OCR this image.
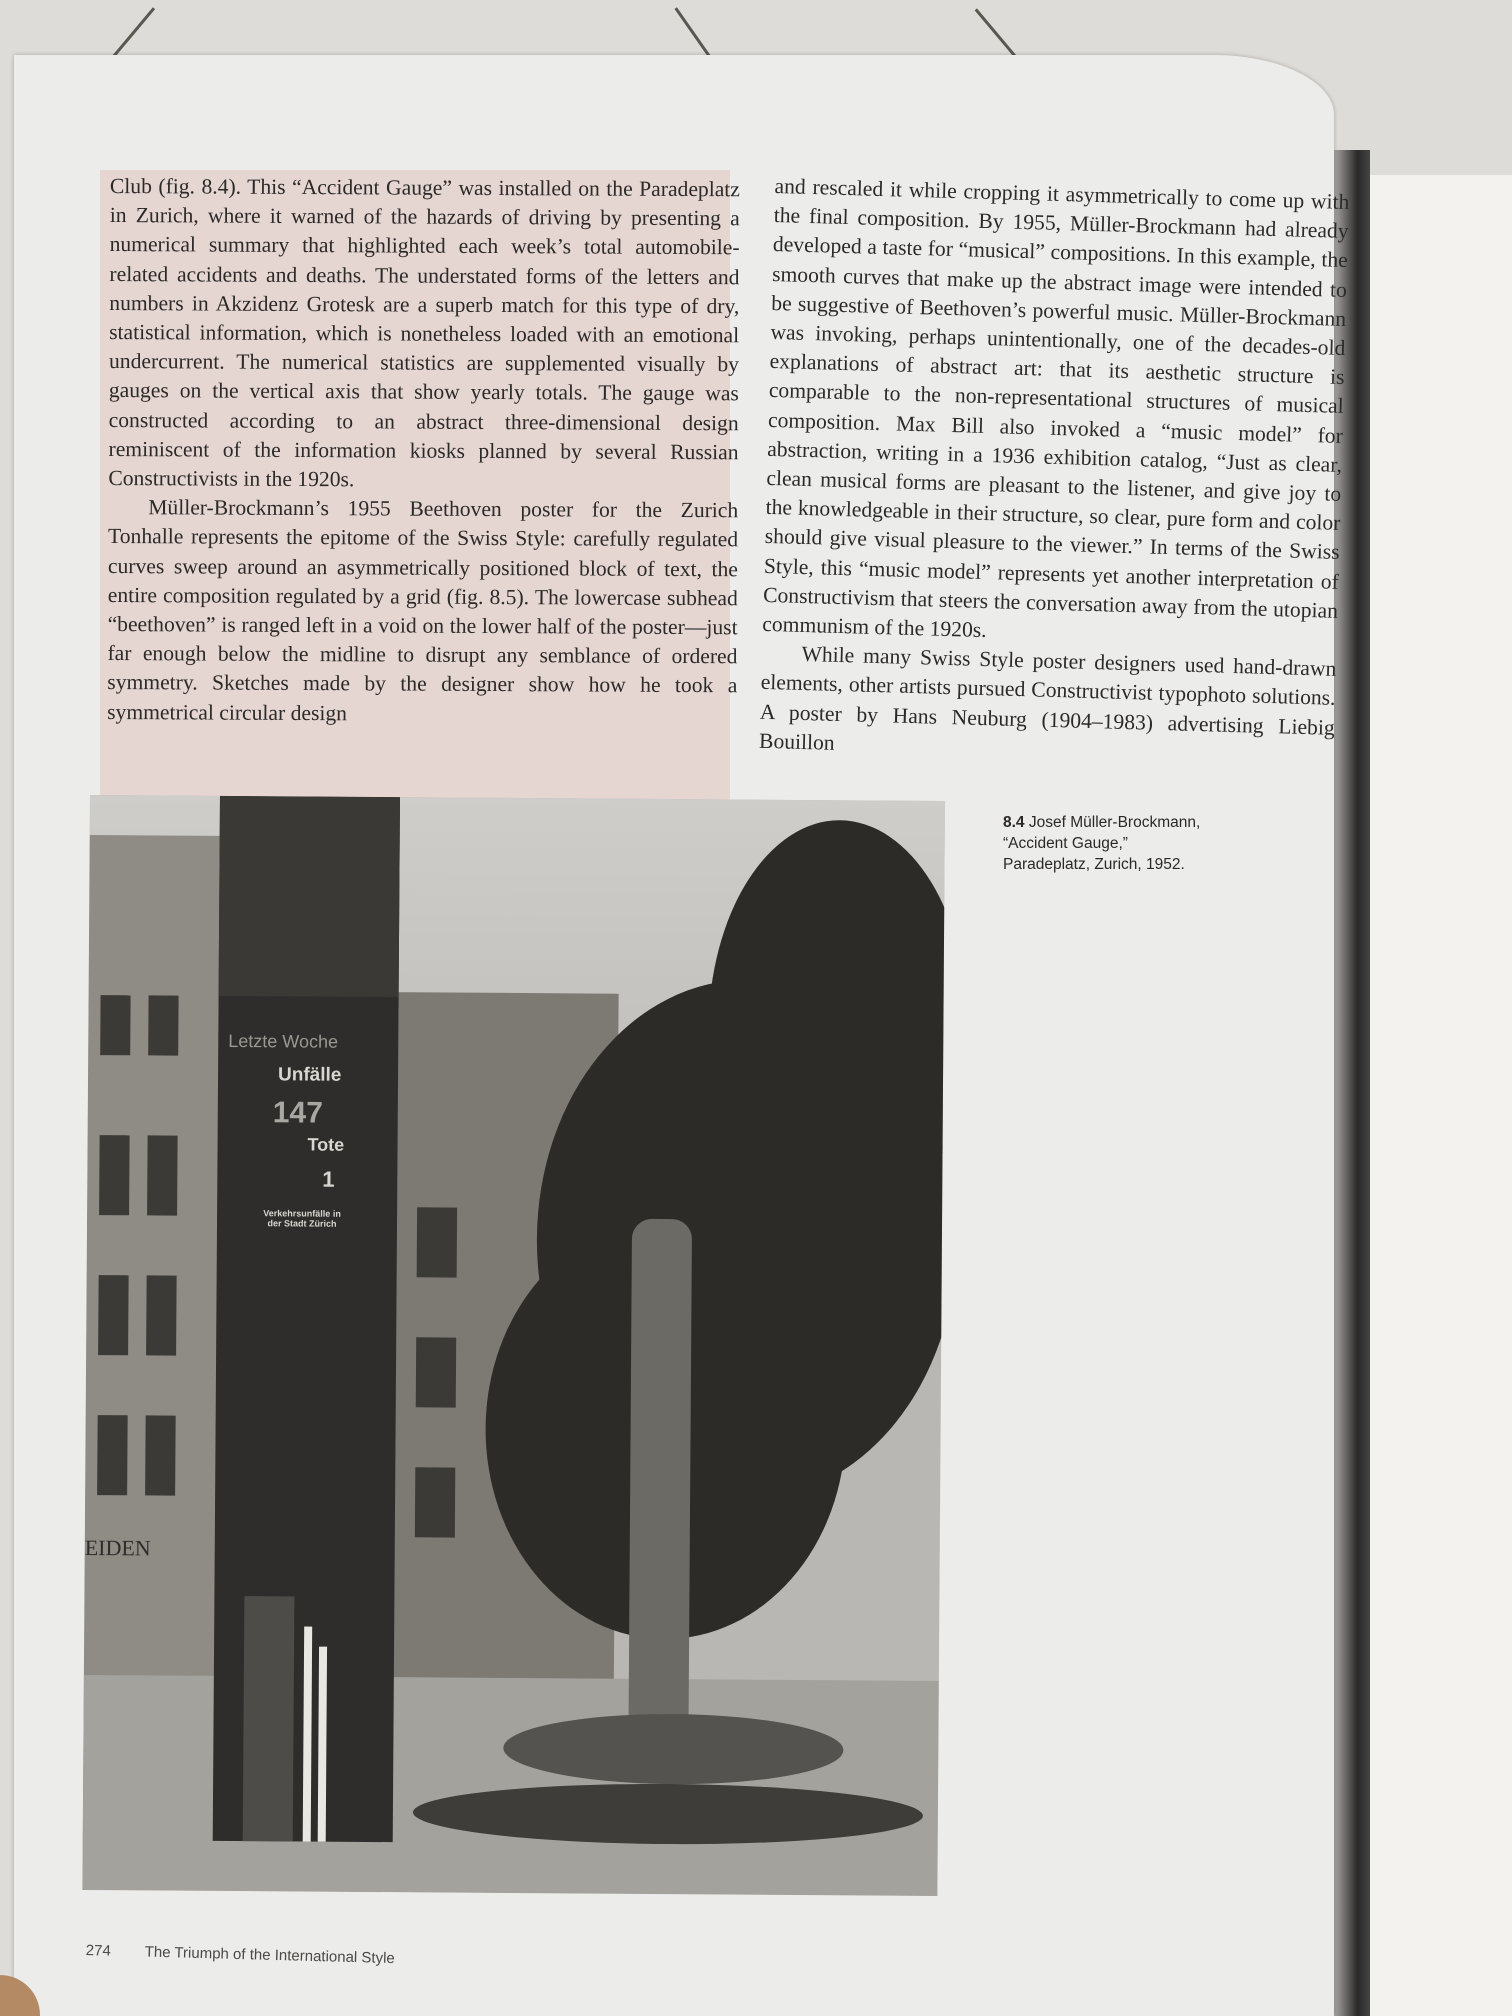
Club (fig. 8.4). This “Accident Gauge” was installed on the Paradeplatz in Zurich, where it warned of the hazards of driving by presenting a numerical summary that highlighted each week’s total automobile-related accidents and deaths. The understated forms of the letters and numbers in Akzidenz Grotesk are a superb match for this type of dry, statistical information, which is nonetheless loaded with an emotional undercurrent. The numerical statistics are supplemented visually by gauges on the vertical axis that show yearly totals. The gauge was constructed according to an abstract three-dimensional design reminiscent of the information kiosks planned by several Russian Constructivists in the 1920s.

Müller-Brockmann’s 1955 Beethoven poster for the Zurich Tonhalle represents the epitome of the Swiss Style: carefully regulated curves sweep around an asymmetrically positioned block of text, the entire composition regulated by a grid (fig. 8.5). The lowercase subhead “beethoven” is ranged left in a void on the lower half of the poster—just far enough below the midline to disrupt any semblance of ordered symmetry. Sketches made by the designer show how he took a symmetrical circular design

and rescaled it while cropping it asymmetrically to come up with the final composition. By 1955, Müller-Brockmann had already developed a taste for “musical” compositions. In this example, the smooth curves that make up the abstract image were intended to be suggestive of Beethoven’s powerful music. Müller-Brockmann was invoking, perhaps unintentionally, one of the decades-old explanations of abstract art: that its aesthetic structure is comparable to the non-representational structures of musical composition. Max Bill also invoked a “music model” for abstraction, writing in a 1936 exhibition catalog, “Just as clear, clean musical forms are pleasant to the listener, and give joy to the knowledgeable in their structure, so clear, pure form and color should give visual pleasure to the viewer.” In terms of the Swiss Style, this “music model” represents yet another interpretation of Constructivism that steers the conversation away from the utopian communism of the 1920s.

While many Swiss Style poster designers used hand-drawn elements, other artists pursued Constructivist typophoto solutions. A poster by Hans Neuburg (1904–1983) advertising Liebig Bouillon

EIDEN
Letzte Woche
Unfälle
147
Tote
1
Verkehrsunfälle in der Stadt Zürich
8.4 Josef Müller-Brockmann,
“Accident Gauge,”
Paradeplatz, Zurich, 1952.
274 The Triumph of the International Style
